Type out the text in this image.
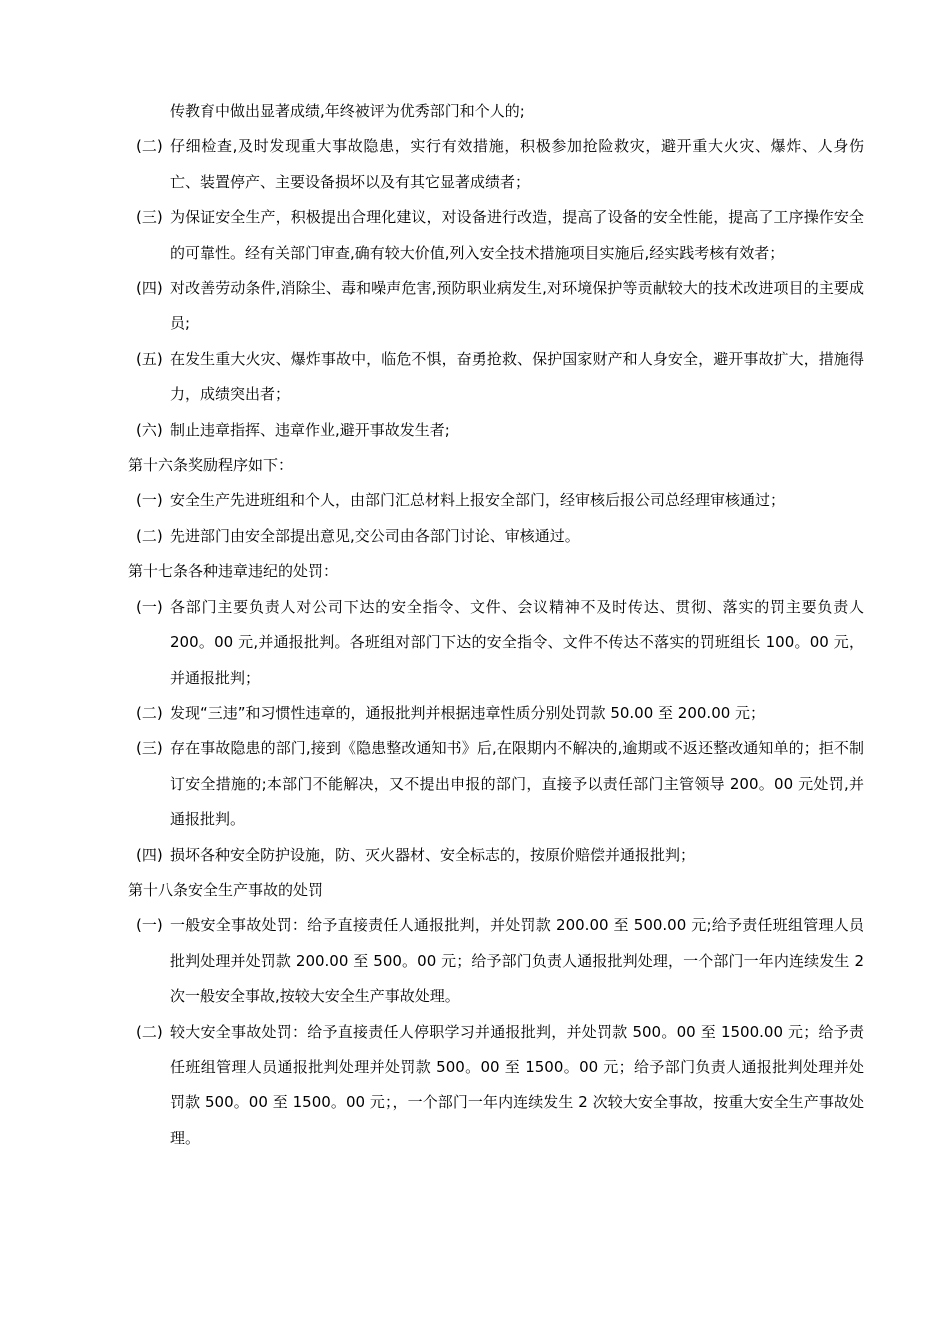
传教育中做出显著成绩,年终被评为优秀部门和个人的;
(二) 仔细检查,及时发现重大事故隐患，实行有效措施，积极参加抢险救灾，避开重大火灾、爆炸、人身伤亡、装置停产、主要设备损坏以及有其它显著成绩者；
(三) 为保证安全生产，积极提出合理化建议，对设备进行改造，提高了设备的安全性能，提高了工序操作安全的可靠性。经有关部门审查,确有较大价值,列入安全技术措施项目实施后,经实践考核有效者；
(四) 对改善劳动条件,消除尘、毒和噪声危害,预防职业病发生,对环境保护等贡献较大的技术改进项目的主要成员;
(五) 在发生重大火灾、爆炸事故中，临危不惧，奋勇抢救、保护国家财产和人身安全，避开事故扩大，措施得力，成绩突出者；
(六) 制止违章指挥、违章作业,避开事故发生者;
第十六条奖励程序如下：
(一) 安全生产先进班组和个人，由部门汇总材料上报安全部门，经审核后报公司总经理审核通过；
(二) 先进部门由安全部提出意见,交公司由各部门讨论、审核通过。
第十七条各种违章违纪的处罚：
(一) 各部门主要负责人对公司下达的安全指令、文件、会议精神不及时传达、贯彻、落实的罚主要负责人 200。00 元,并通报批判。各班组对部门下达的安全指令、文件不传达不落实的罚班组长 100。00 元，并通报批判；
(二) 发现“三违”和习惯性违章的，通报批判并根据违章性质分别处罚款 50.00 至 200.00 元；
(三) 存在事故隐患的部门,接到《隐患整改通知书》后,在限期内不解决的,逾期或不返还整改通知单的；拒不制订安全措施的;本部门不能解决，又不提出申报的部门，直接予以责任部门主管领导 200。00 元处罚,并通报批判。
(四) 损坏各种安全防护设施，防、灭火器材、安全标志的，按原价赔偿并通报批判；
第十八条安全生产事故的处罚
(一) 一般安全事故处罚：给予直接责任人通报批判，并处罚款 200.00 至 500.00 元;给予责任班组管理人员批判处理并处罚款 200.00 至 500。00 元；给予部门负责人通报批判处理，一个部门一年内连续发生 2 次一般安全事故,按较大安全生产事故处理。
(二) 较大安全事故处罚：给予直接责任人停职学习并通报批判，并处罚款 500。00 至 1500.00 元；给予责任班组管理人员通报批判处理并处罚款 500。00 至 1500。00 元；给予部门负责人通报批判处理并处罚款 500。00 至 1500。00 元；，一个部门一年内连续发生 2 次较大安全事故，按重大安全生产事故处理。
